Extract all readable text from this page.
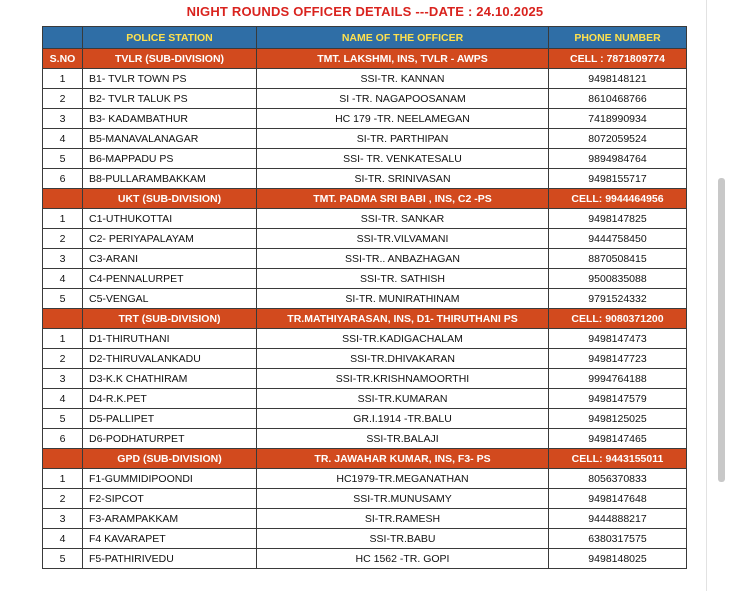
NIGHT ROUNDS OFFICER DETAILS ---DATE : 24.10.2025
	POLICE STATION	NAME OF THE OFFICER	PHONE NUMBER
S.NO	TVLR (SUB-DIVISION)	TMT. LAKSHMI, INS, TVLR - AWPS	CELL : 7871809774
1	B1- TVLR TOWN PS	SSI-TR. KANNAN	9498148121
2	B2- TVLR TALUK PS	SI -TR. NAGAPOOSANAM	8610468766
3	B3- KADAMBATHUR	HC 179 -TR. NEELAMEGAN	7418990934
4	B5-MANAVALANAGAR	SI-TR. PARTHIPAN	8072059524
5	B6-MAPPADU PS	SSI- TR. VENKATESALU	9894984764
6	B8-PULLARAMBAKKAM	SI-TR. SRINIVASAN	9498155717
	UKT (SUB-DIVISION)	TMT. PADMA SRI BABI , INS, C2 -PS	CELL: 9944464956
1	C1-UTHUKOTTAI	SSI-TR. SANKAR	9498147825
2	C2- PERIYAPALAYAM	SSI-TR.VILVAMANI	9444758450
3	C3-ARANI	SSI-TR.. ANBAZHAGAN	8870508415
4	C4-PENNALURPET	SSI-TR. SATHISH	9500835088
5	C5-VENGAL	SI-TR. MUNIRATHINAM	9791524332
	TRT (SUB-DIVISION)	TR.MATHIYARASAN, INS, D1- THIRUTHANI PS	CELL: 9080371200
1	D1-THIRUTHANI	SSI-TR.KADIGACHALAM	9498147473
2	D2-THIRUVALANKADU	SSI-TR.DHIVAKARAN	9498147723
3	D3-K.K CHATHIRAM	SSI-TR.KRISHNAMOORTHI	9994764188
4	D4-R.K.PET	SSI-TR.KUMARAN	9498147579
5	D5-PALLIPET	GR.I.1914 -TR.BALU	9498125025
6	D6-PODHATURPET	SSI-TR.BALAJI	9498147465
	GPD (SUB-DIVISION)	TR. JAWAHAR KUMAR, INS, F3- PS	CELL: 9443155011
1	F1-GUMMIDIPOONDI	HC1979-TR.MEGANATHAN	8056370833
2	F2-SIPCOT	SSI-TR.MUNUSAMY	9498147648
3	F3-ARAMPAKKAM	SI-TR.RAMESH	9444888217
4	F4 KAVARAPET	SSI-TR.BABU	6380317575
5	F5-PATHIRIVEDU	HC 1562 -TR. GOPI	9498148025
